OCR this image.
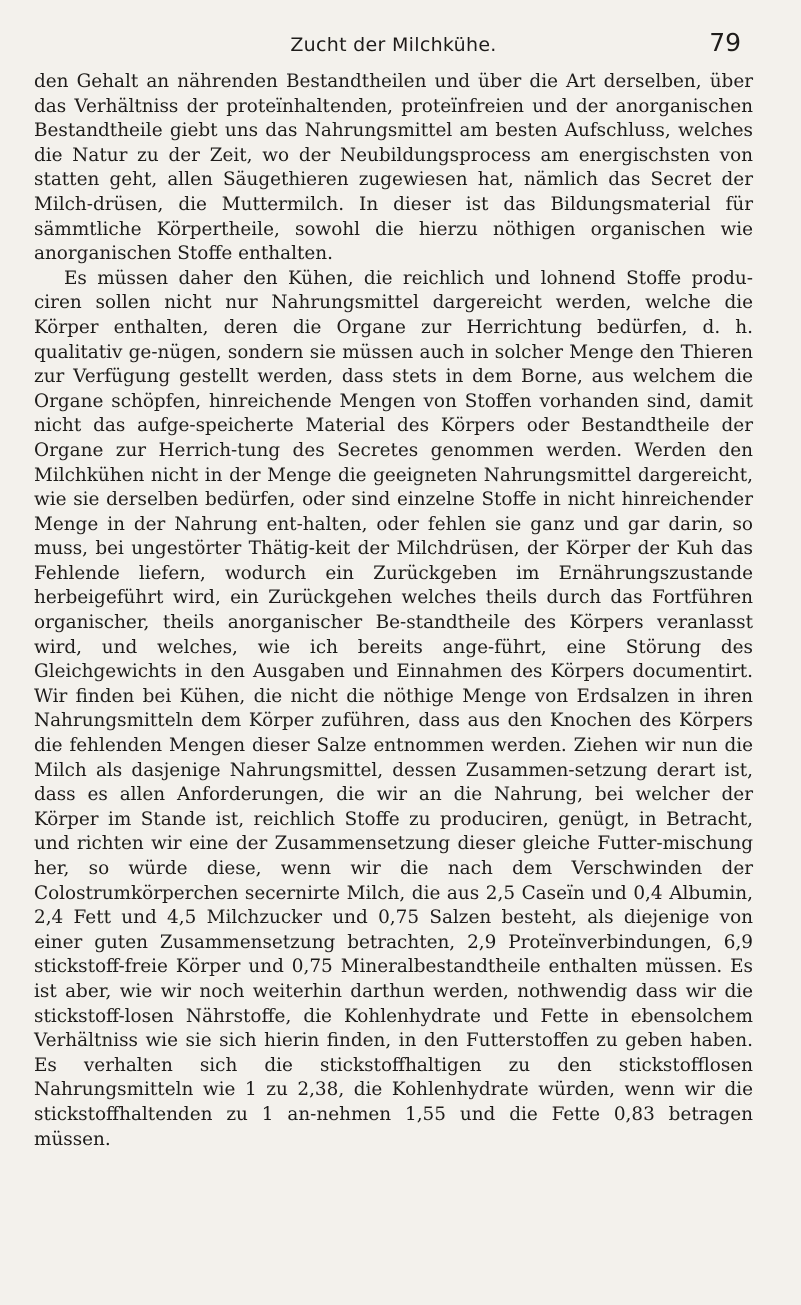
Zucht der Milchkühe.	79

den Gehalt an nährenden Bestandtheilen und über die Art derselben, über das Verhältniss der proteïnhaltenden, proteïnfreien und der anorganischen Bestandtheile giebt uns das Nahrungsmittel am besten Aufschluss, welches die Natur zu der Zeit, wo der Neubildungsprocess am energischsten von statten geht, allen Säugethieren zugewiesen hat, nämlich das Secret der Milch-drüsen, die Muttermilch. In dieser ist das Bildungsmaterial für sämmtliche Körpertheile, sowohl die hierzu nöthigen organischen wie anorganischen Stoffe enthalten.

Es müssen daher den Kühen, die reichlich und lohnend Stoffe produ-ciren sollen nicht nur Nahrungsmittel dargereicht werden, welche die Körper enthalten, deren die Organe zur Herrichtung bedürfen, d. h. qualitativ ge-nügen, sondern sie müssen auch in solcher Menge den Thieren zur Verfügung gestellt werden, dass stets in dem Borne, aus welchem die Organe schöpfen, hinreichende Mengen von Stoffen vorhanden sind, damit nicht das aufge-speicherte Material des Körpers oder Bestandtheile der Organe zur Herrich-tung des Secretes genommen werden. Werden den Milchkühen nicht in der Menge die geeigneten Nahrungsmittel dargereicht, wie sie derselben bedürfen, oder sind einzelne Stoffe in nicht hinreichender Menge in der Nahrung ent-halten, oder fehlen sie ganz und gar darin, so muss, bei ungestörter Thätig-keit der Milchdrüsen, der Körper der Kuh das Fehlende liefern, wodurch ein Zurückgeben im Ernährungszustande herbeigeführt wird, ein Zurückgehen welches theils durch das Fortführen organischer, theils anorganischer Be-standtheile des Körpers veranlasst wird, und welches, wie ich bereits ange-führt, eine Störung des Gleichgewichts in den Ausgaben und Einnahmen des Körpers documentirt. Wir finden bei Kühen, die nicht die nöthige Menge von Erdsalzen in ihren Nahrungsmitteln dem Körper zuführen, dass aus den Knochen des Körpers die fehlenden Mengen dieser Salze entnommen werden. Ziehen wir nun die Milch als dasjenige Nahrungsmittel, dessen Zusammen-setzung derart ist, dass es allen Anforderungen, die wir an die Nahrung, bei welcher der Körper im Stande ist, reichlich Stoffe zu produciren, genügt, in Betracht, und richten wir eine der Zusammensetzung dieser gleiche Futter-mischung her, so würde diese, wenn wir die nach dem Verschwinden der Colostrumkörperchen secernirte Milch, die aus 2,5 Caseïn und 0,4 Albumin, 2,4 Fett und 4,5 Milchzucker und 0,75 Salzen besteht, als diejenige von einer guten Zusammensetzung betrachten, 2,9 Proteïnverbindungen, 6,9 stickstoff-freie Körper und 0,75 Mineralbestandtheile enthalten müssen. Es ist aber, wie wir noch weiterhin darthun werden, nothwendig dass wir die stickstoff-losen Nährstoffe, die Kohlenhydrate und Fette in ebensolchem Verhältniss wie sie sich hierin finden, in den Futterstoffen zu geben haben. Es verhalten sich die stickstoffhaltigen zu den stickstofflosen Nahrungsmitteln wie 1 zu 2,38, die Kohlenhydrate würden, wenn wir die stickstoffhaltenden zu 1 an-nehmen 1,55 und die Fette 0,83 betragen müssen.
